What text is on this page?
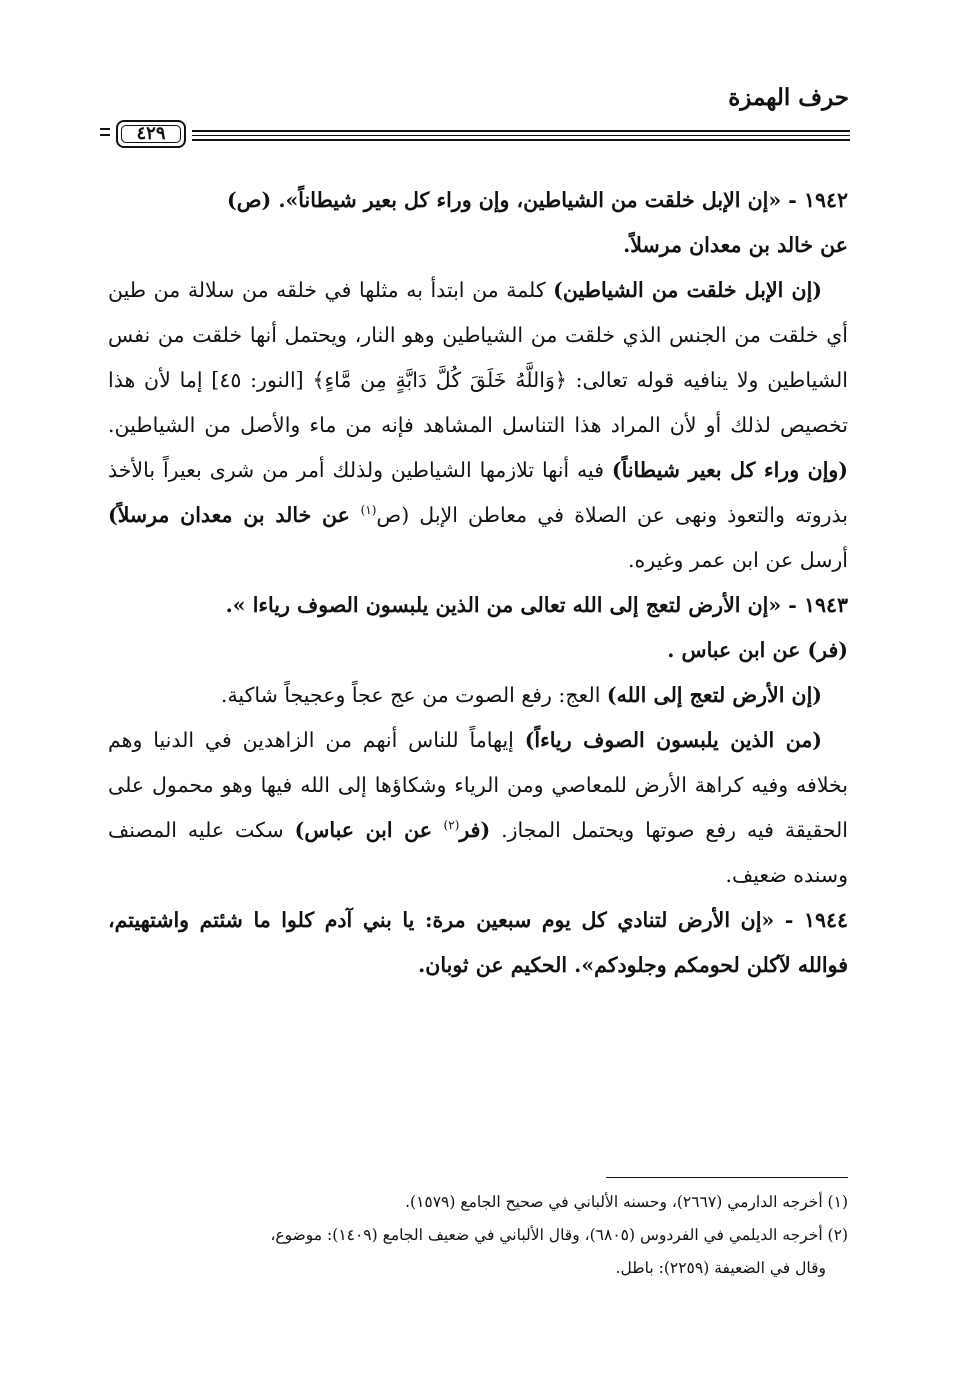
حرف الهمزة
٤٢٩

١٩٤٢ - «إن الإبل خلقت من الشياطين، وإن وراء كل بعير شيطاناً». (ص)

عن خالد بن معدان مرسلاً.

(إن الإبل خلقت من الشياطين) كلمة من ابتدأ به مثلها في خلقه من سلالة من طين أي خلقت من الجنس الذي خلقت من الشياطين وهو النار، ويحتمل أنها خلقت من نفس الشياطين ولا ينافيه قوله تعالى: ﴿وَاللَّهُ خَلَقَ كُلَّ دَابَّةٍ مِن مَّاءٍ﴾ [النور: ٤٥] إما لأن هذا تخصيص لذلك أو لأن المراد هذا التناسل المشاهد فإنه من ماء والأصل من الشياطين. (وإن وراء كل بعير شيطاناً) فيه أنها تلازمها الشياطين ولذلك أمر من شرى بعيراً بالأخذ بذروته والتعوذ ونهى عن الصلاة في معاطن الإبل (ص$^{(١)}$ عن خالد بن معدان مرسلاً) أرسل عن ابن عمر وغيره.

١٩٤٣ - «إن الأرض لتعج إلى الله تعالى من الذين يلبسون الصوف رياءا ».

(فر) عن ابن عباس .

(إن الأرض لتعج إلى الله) العج: رفع الصوت من عج عجاً وعجيجاً شاكية.

(من الذين يلبسون الصوف رياءاً) إيهاماً للناس أنهم من الزاهدين في الدنيا وهم بخلافه وفيه كراهة الأرض للمعاصي ومن الرياء وشكاؤها إلى الله فيها وهو محمول على الحقيقة فيه رفع صوتها ويحتمل المجاز. (فر$^{(٢)}$ عن ابن عباس) سكت عليه المصنف وسنده ضعيف.

١٩٤٤ - «إن الأرض لتنادي كل يوم سبعين مرة: يا بني آدم كلوا ما شئتم واشتهيتم، فوالله لآكلن لحومكم وجلودكم». الحكيم عن ثوبان.

(١) أخرجه الدارمي (٢٦٦٧)، وحسنه الألباني في صحيح الجامع (١٥٧٩).

(٢) أخرجه الديلمي في الفردوس (٦٨٠٥)، وقال الألباني في ضعيف الجامع (١٤٠٩): موضوع،

وقال في الضعيفة (٢٢٥٩): باطل.
